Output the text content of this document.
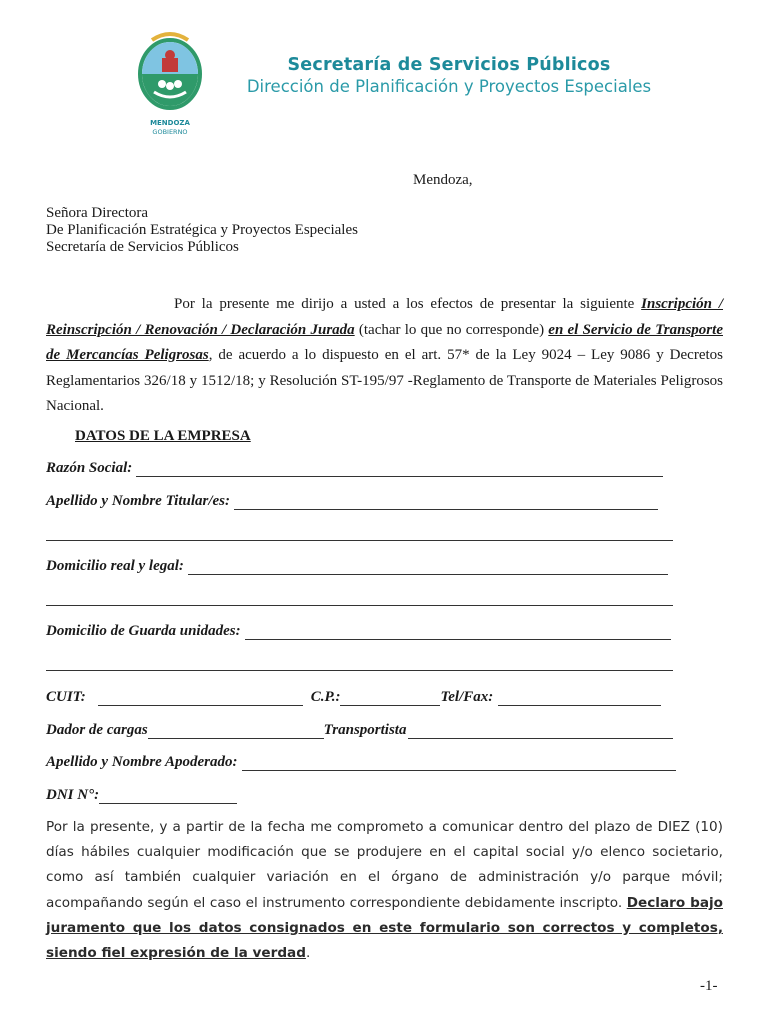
MENDOZA
GOBIERNO
Secretaría de Servicios Públicos
Dirección de Planificación y Proyectos Especiales
Mendoza,
Señora Directora
De Planificación Estratégica y Proyectos Especiales
Secretaría de Servicios Públicos
Por la presente me dirijo a usted a los efectos de presentar la siguiente Inscripción / Reinscripción / Renovación / Declaración Jurada (tachar lo que no corresponde) en el Servicio de Transporte de Mercancías Peligrosas, de acuerdo a lo dispuesto en el art. 57* de la Ley 9024 – Ley 9086 y Decretos Reglamentarios 326/18 y 1512/18; y Resolución ST-195/97 -Reglamento de Transporte de Materiales Peligrosos Nacional.
DATOS DE LA EMPRESA
Razón Social:
Apellido y Nombre Titular/es:
Domicilio real y legal:
Domicilio de Guarda unidades:
CUIT:	C.P.:	Tel/Fax:
Dador de cargas	Transportista
Apellido y Nombre Apoderado:
DNI N°:
Por la presente, y a partir de la fecha me comprometo a comunicar dentro del plazo de DIEZ (10) días hábiles cualquier modificación que se produjere en el capital social y/o elenco societario, como así también cualquier variación en el órgano de administración y/o parque móvil; acompañando según el caso el instrumento correspondiente debidamente inscripto. Declaro bajo juramento que los datos consignados en este formulario son correctos y completos, siendo fiel expresión de la verdad.
-1-
